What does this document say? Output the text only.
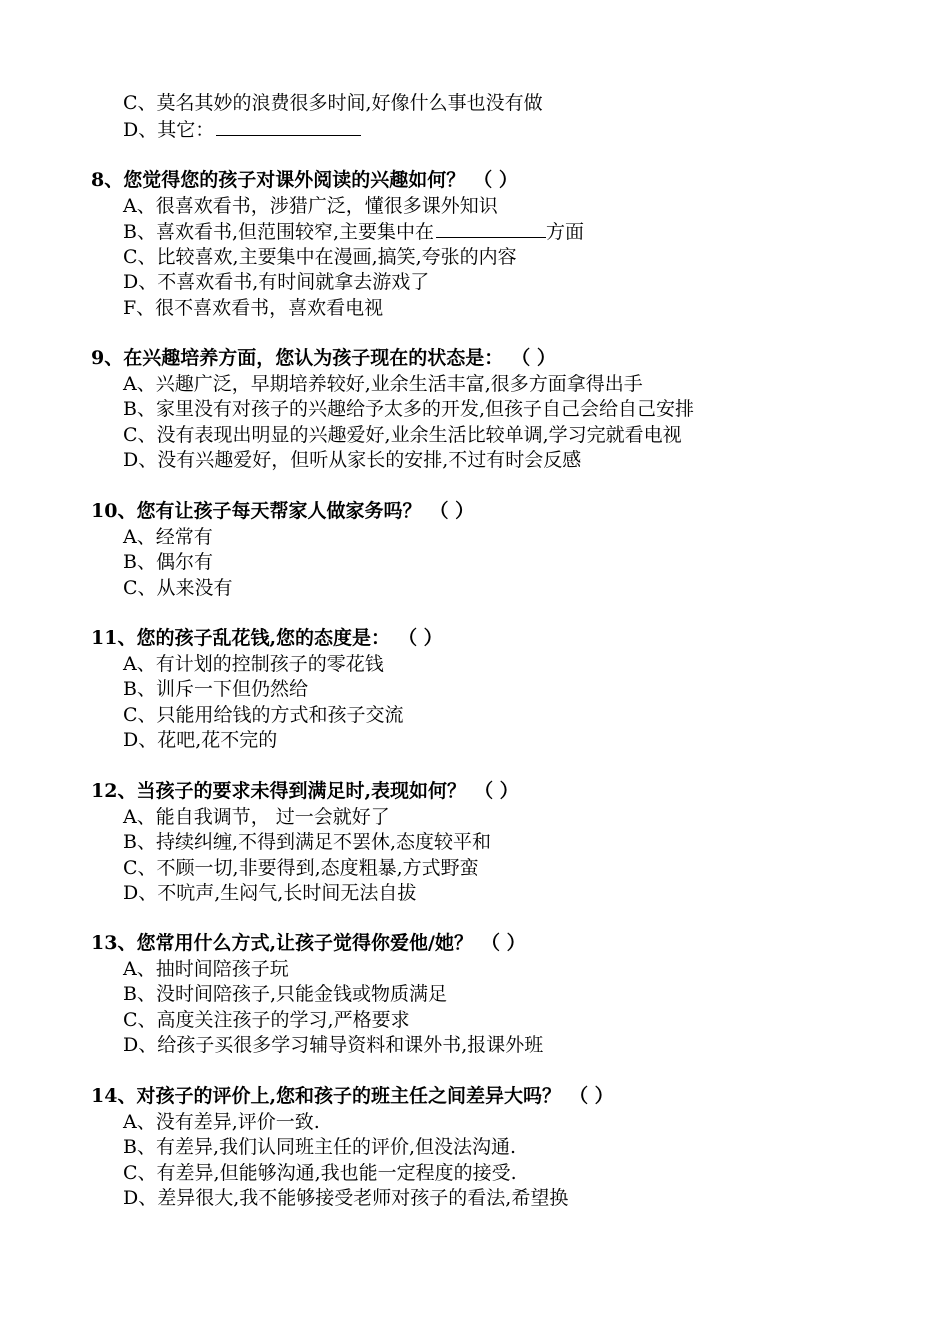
C、莫名其妙的浪费很多时间,好像什么事也没有做
D、其它：
8、您觉得您的孩子对课外阅读的兴趣如何？ （ ）
A、很喜欢看书，涉猎广泛，懂很多课外知识
B、喜欢看书,但范围较窄,主要集中在	方面
C、比较喜欢,主要集中在漫画,搞笑,夸张的内容
D、不喜欢看书,有时间就拿去游戏了
F、很不喜欢看书，喜欢看电视
9、在兴趣培养方面，您认为孩子现在的状态是： （ ）
A、兴趣广泛，早期培养较好,业余生活丰富,很多方面拿得出手
B、家里没有对孩子的兴趣给予太多的开发,但孩子自己会给自己安排
C、没有表现出明显的兴趣爱好,业余生活比较单调,学习完就看电视
D、没有兴趣爱好，但听从家长的安排,不过有时会反感
10、您有让孩子每天帮家人做家务吗？ （ ）
A、经常有
B、偶尔有
C、从来没有
11、您的孩子乱花钱,您的态度是： （ ）
A、有计划的控制孩子的零花钱
B、训斥一下但仍然给
C、只能用给钱的方式和孩子交流
D、花吧,花不完的
12、当孩子的要求未得到满足时,表现如何？ （ ）
A、能自我调节， 过一会就好了
B、持续纠缠,不得到满足不罢休,态度较平和
C、不顾一切,非要得到,态度粗暴,方式野蛮
D、不吭声,生闷气,长时间无法自拔
13、您常用什么方式,让孩子觉得你爱他/她？ （ ）
A、抽时间陪孩子玩
B、没时间陪孩子,只能金钱或物质满足
C、高度关注孩子的学习,严格要求
D、给孩子买很多学习辅导资料和课外书,报课外班
14、对孩子的评价上,您和孩子的班主任之间差异大吗？ （ ）
A、没有差异,评价一致.
B、有差异,我们认同班主任的评价,但没法沟通.
C、有差异,但能够沟通,我也能一定程度的接受.
D、差异很大,我不能够接受老师对孩子的看法,希望换
